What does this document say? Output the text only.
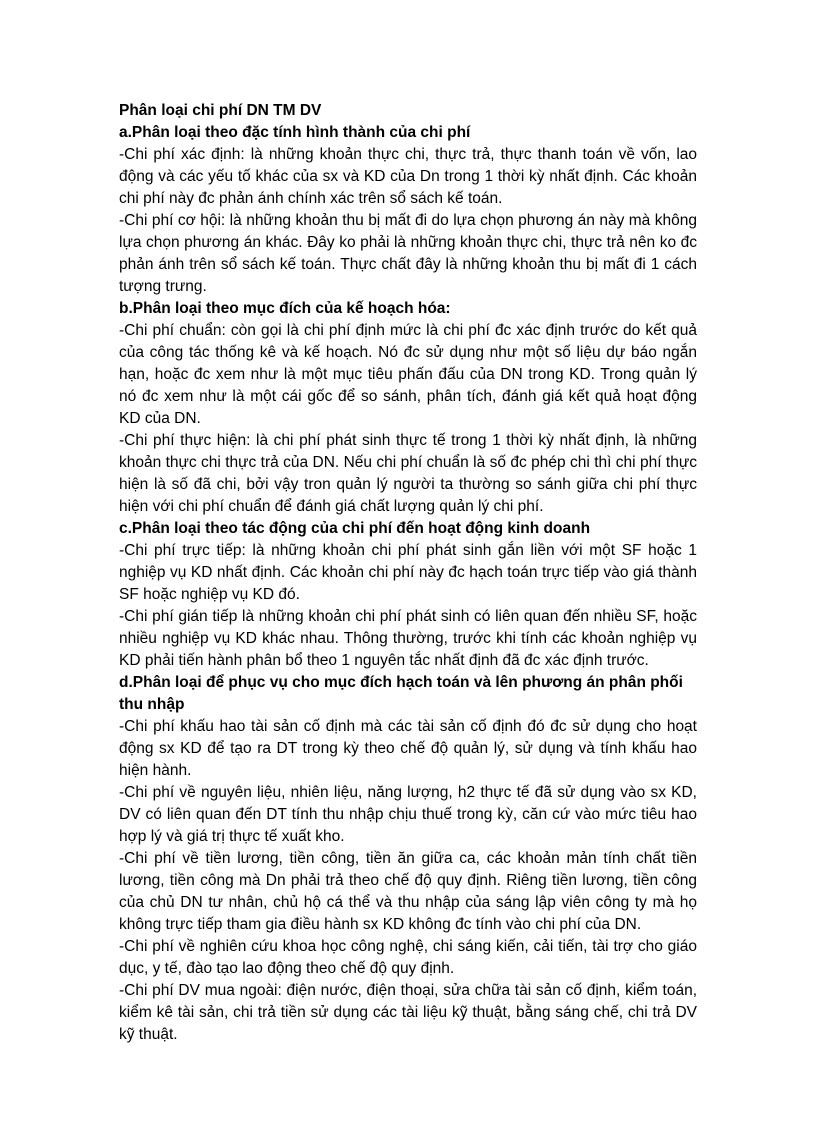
Phân loại chi phí DN TM DV
a.Phân loại theo đặc tính hình thành của chi phí
-Chi phí xác định: là những khoản thực chi, thực trả, thực thanh toán về vốn, lao động và các yếu tố khác của sx và KD của Dn trong 1 thời kỳ nhất định. Các khoản chi phí này đc phản ánh chính xác trên sổ sách kế toán.
-Chi phí cơ hội: là những khoản thu bị mất đi do lựa chọn phương án này mà không lựa chọn phương án khác. Đây ko phải là những khoản thực chi, thực trả nên ko đc phản ánh trên sổ sách kế toán. Thực chất đây là những khoản thu bị mất đi 1 cách tượng trưng.
b.Phân loại theo mục đích của kế hoạch hóa:
-Chi phí chuẩn: còn gọi là chi phí định mức là chi phí đc xác định trước do kết quả của công tác thống kê và kế hoạch. Nó đc sử dụng như một số liệu dự báo ngắn hạn, hoặc đc xem như là một mục tiêu phấn đấu của DN trong KD. Trong quản lý nó đc xem như là một cái gốc để so sánh, phân tích, đánh giá kết quả hoạt động KD của DN.
-Chi phí thực hiện: là chi phí phát sinh thực tế trong 1 thời kỳ nhất định, là những khoản thực chi thực trả của DN. Nếu chi phí chuẩn là số đc phép chi thì chi phí thực hiện là số đã chi, bởi vậy tron quản lý người ta thường so sánh giữa chi phí thực hiện với chi phí chuẩn để đánh giá chất lượng quản lý chi phí.
c.Phân loại theo tác động của chi phí đến hoạt động kinh doanh
-Chi phí trực tiếp: là những khoản chi phí phát sinh gắn liền với một SF hoặc 1 nghiệp vụ KD nhất định. Các khoản chi phí này đc hạch toán trực tiếp vào giá thành SF hoặc nghiệp vụ KD đó.
-Chi phí gián tiếp là những khoản chi phí phát sinh có liên quan đến nhiều SF, hoặc nhiều nghiệp vụ KD khác nhau. Thông thường, trước khi tính các khoản nghiệp vụ KD phải tiến hành phân bổ theo 1 nguyên tắc nhất định đã đc xác định trước.
d.Phân loại để phục vụ cho mục đích hạch toán và lên phương án phân phối thu nhập
-Chi phí khấu hao tài sản cố định mà các tài sản cố định đó đc sử dụng cho hoạt động sx KD để tạo ra DT trong kỳ theo chế độ quản lý, sử dụng và tính khấu hao hiện hành.
-Chi phí về nguyên liệu, nhiên liệu, năng lượng, h2 thực tế đã sử dụng vào sx KD, DV có liên quan đến DT tính thu nhập chịu thuế trong kỳ, căn cứ vào mức tiêu hao hợp lý và giá trị thực tế xuất kho.
-Chi phí về tiền lương, tiền công, tiền ăn giữa ca, các khoản mản tính chất tiền lương, tiền công mà Dn phải trả theo chế độ quy định. Riêng tiền lương, tiền công của chủ DN tư nhân, chủ hộ cá thể và thu nhập của sáng lập viên công ty mà họ không trực tiếp tham gia điều hành sx KD không đc tính vào chi phí của DN.
-Chi phí về nghiên cứu khoa học công nghệ, chi sáng kiến, cải tiến, tài trợ cho giáo dục, y tế, đào tạo lao động theo chế độ quy định.
-Chi phí DV mua ngoài: điện nước, điện thoại, sửa chữa tài sản cố định, kiểm toán, kiểm kê tài sản, chi trả tiền sử dụng các tài liệu kỹ thuật, bằng sáng chế, chi trả DV kỹ thuật.
